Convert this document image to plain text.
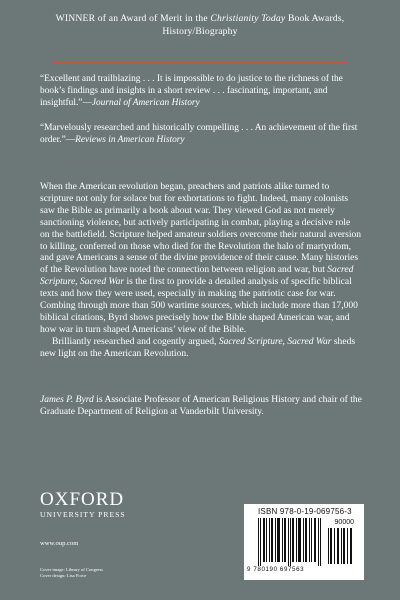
WINNER of an Award of Merit in the Christianity Today Book Awards,
History/Biography
“Excellent and trailblazing . . . It is impossible to do justice to the richness of the book’s findings and insights in a short review . . . fascinating, important, and insightful.”—Journal of American History
“Marvelously researched and historically compelling . . . An achievement of the first order.”—Reviews in American History

When the American revolution began, preachers and patriots alike turned to scripture not only for solace but for exhortations to fight. Indeed, many colonists saw the Bible as primarily a book about war. They viewed God as not merely sanctioning violence, but actively participating in combat, playing a decisive role on the battlefield. Scripture helped amateur soldiers overcome their natural aversion to killing, conferred on those who died for the Revolution the halo of martyrdom, and gave Americans a sense of the divine providence of their cause. Many histories of the Revolution have noted the connection between religion and war, but Sacred Scripture, Sacred War is the first to provide a detailed analysis of specific biblical texts and how they were used, especially in making the patriotic case for war. Combing through more than 500 wartime sources, which include more than 17,000 biblical citations, Byrd shows precisely how the Bible shaped American war, and how war in turn shaped Americans’ view of the Bible.

Brilliantly researched and cogently argued, Sacred Scripture, Sacred War sheds new light on the American Revolution.

James P. Byrd is Associate Professor of American Religious History and chair of the Graduate Department of Religion at Vanderbilt University.
OXFORD
UNIVERSITY PRESS
www.oup.com
Cover image: Library of Congress
Cover design: Lisa Force
ISBN 978-0-19-069756-3
90000
9 780190 697563
